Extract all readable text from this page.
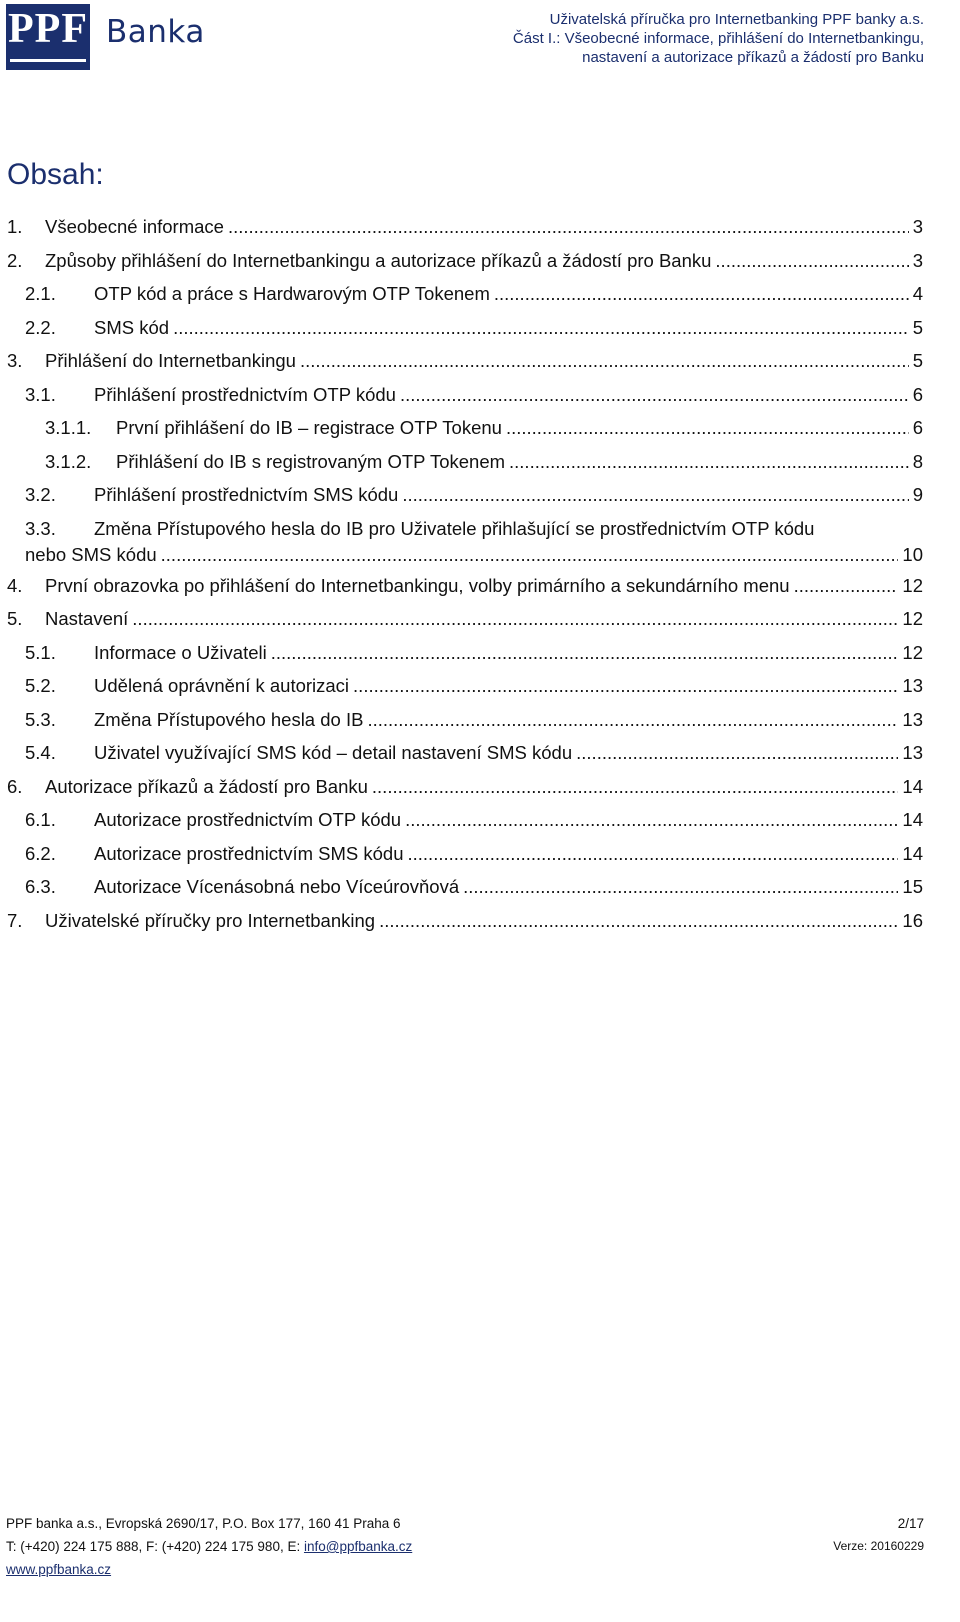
PPF Banka	Uživatelská příručka pro Internetbanking PPF banky a.s.
Část I.: Všeobecné informace, přihlášení do Internetbankingu,
nastavení a autorizace příkazů a žádostí pro Banku
Obsah:
1.	Všeobecné informace .....	3
2.	Způsoby přihlášení do Internetbankingu a autorizace příkazů a žádostí pro Banku .....	3
2.1.	OTP kód a práce s Hardwarovým OTP Tokenem .....	4
2.2.	SMS kód .....	5
3.	Přihlášení do Internetbankingu .....	5
3.1.	Přihlášení prostřednictvím OTP kódu .....	6
3.1.1.	První přihlášení do IB – registrace OTP Tokenu .....	6
3.1.2.	Přihlášení do IB s registrovaným OTP Tokenem .....	8
3.2.	Přihlášení prostřednictvím SMS kódu .....	9
3.3. Změna Přístupového hesla do IB pro Uživatele přihlašující se prostřednictvím OTP kódu
nebo SMS kódu .....	10
4.	První obrazovka po přihlášení do Internetbankingu, volby primárního a sekundárního menu .....	12
5.	Nastavení .....	12
5.1.	Informace o Uživateli .....	12
5.2.	Udělená oprávnění k autorizaci .....	13
5.3.	Změna Přístupového hesla do IB .....	13
5.4.	Uživatel využívající SMS kód – detail nastavení SMS kódu .....	13
6.	Autorizace příkazů a žádostí pro Banku .....	14
6.1.	Autorizace prostřednictvím OTP kódu .....	14
6.2.	Autorizace prostřednictvím SMS kódu .....	14
6.3.	Autorizace Vícenásobná nebo Víceúrovňová .....	15
7.	Uživatelské příručky pro Internetbanking .....	16
PPF banka a.s., Evropská 2690/17, P.O. Box 177, 160 41 Praha 6	2/17
T: (+420) 224 175 888, F: (+420) 224 175 980, E: info@ppfbanka.cz	Verze: 20160229
www.ppfbanka.cz
